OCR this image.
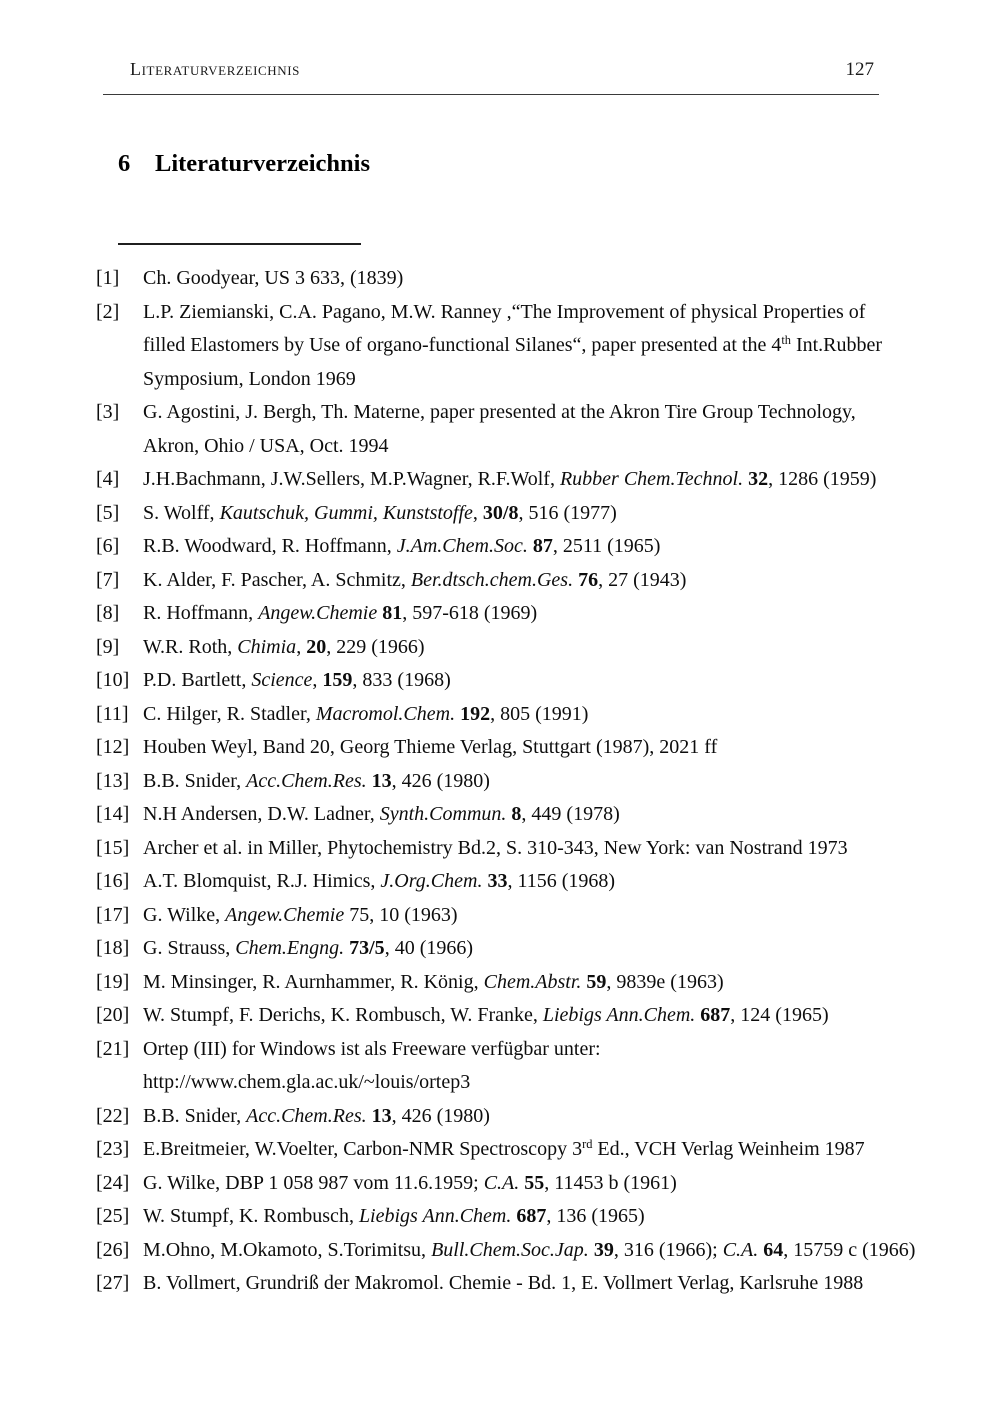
Literaturverzeichnis	127
6 Literaturverzeichnis
[1]	Ch. Goodyear, US 3 633, (1839)
[2]	L.P. Ziemianski, C.A. Pagano, M.W. Ranney ,“The Improvement of physical Properties of
filled Elastomers by Use of organo-functional Silanes“, paper presented at the 4th Int.Rubber
Symposium, London 1969
[3]	G. Agostini, J. Bergh, Th. Materne, paper presented at the Akron Tire Group Technology,
Akron, Ohio / USA, Oct. 1994
[4]	J.H.Bachmann, J.W.Sellers, M.P.Wagner, R.F.Wolf, Rubber Chem.Technol. 32, 1286 (1959)
[5]	S. Wolff, Kautschuk, Gummi, Kunststoffe, 30/8, 516 (1977)
[6]	R.B. Woodward, R. Hoffmann, J.Am.Chem.Soc. 87, 2511 (1965)
[7]	K. Alder, F. Pascher, A. Schmitz, Ber.dtsch.chem.Ges. 76, 27 (1943)
[8]	R. Hoffmann, Angew.Chemie 81, 597-618 (1969)
[9]	W.R. Roth, Chimia, 20, 229 (1966)
[10] P.D. Bartlett, Science, 159, 833 (1968)
[11] C. Hilger, R. Stadler, Macromol.Chem. 192, 805 (1991)
[12] Houben Weyl, Band 20, Georg Thieme Verlag, Stuttgart (1987), 2021 ff
[13] B.B. Snider, Acc.Chem.Res. 13, 426 (1980)
[14] N.H Andersen, D.W. Ladner, Synth.Commun. 8, 449 (1978)
[15] Archer et al. in Miller, Phytochemistry Bd.2, S. 310-343, New York: van Nostrand 1973
[16] A.T. Blomquist, R.J. Himics, J.Org.Chem. 33, 1156 (1968)
[17] G. Wilke, Angew.Chemie 75, 10 (1963)
[18] G. Strauss, Chem.Engng. 73/5, 40 (1966)
[19] M. Minsinger, R. Aurnhammer, R. König, Chem.Abstr. 59, 9839e (1963)
[20] W. Stumpf, F. Derichs, K. Rombusch, W. Franke, Liebigs Ann.Chem. 687, 124 (1965)
[21] Ortep (III) for Windows ist als Freeware verfügbar unter:
http://www.chem.gla.ac.uk/~louis/ortep3
[22] B.B. Snider, Acc.Chem.Res. 13, 426 (1980)
[23] E.Breitmeier, W.Voelter, Carbon-NMR Spectroscopy 3rd Ed., VCH Verlag Weinheim 1987
[24] G. Wilke, DBP 1 058 987 vom 11.6.1959; C.A. 55, 11453 b (1961)
[25] W. Stumpf, K. Rombusch, Liebigs Ann.Chem. 687, 136 (1965)
[26] M.Ohno, M.Okamoto, S.Torimitsu, Bull.Chem.Soc.Jap. 39, 316 (1966); C.A. 64, 15759 c (1966)
[27] B. Vollmert, Grundriß der Makromol. Chemie - Bd. 1, E. Vollmert Verlag, Karlsruhe 1988
